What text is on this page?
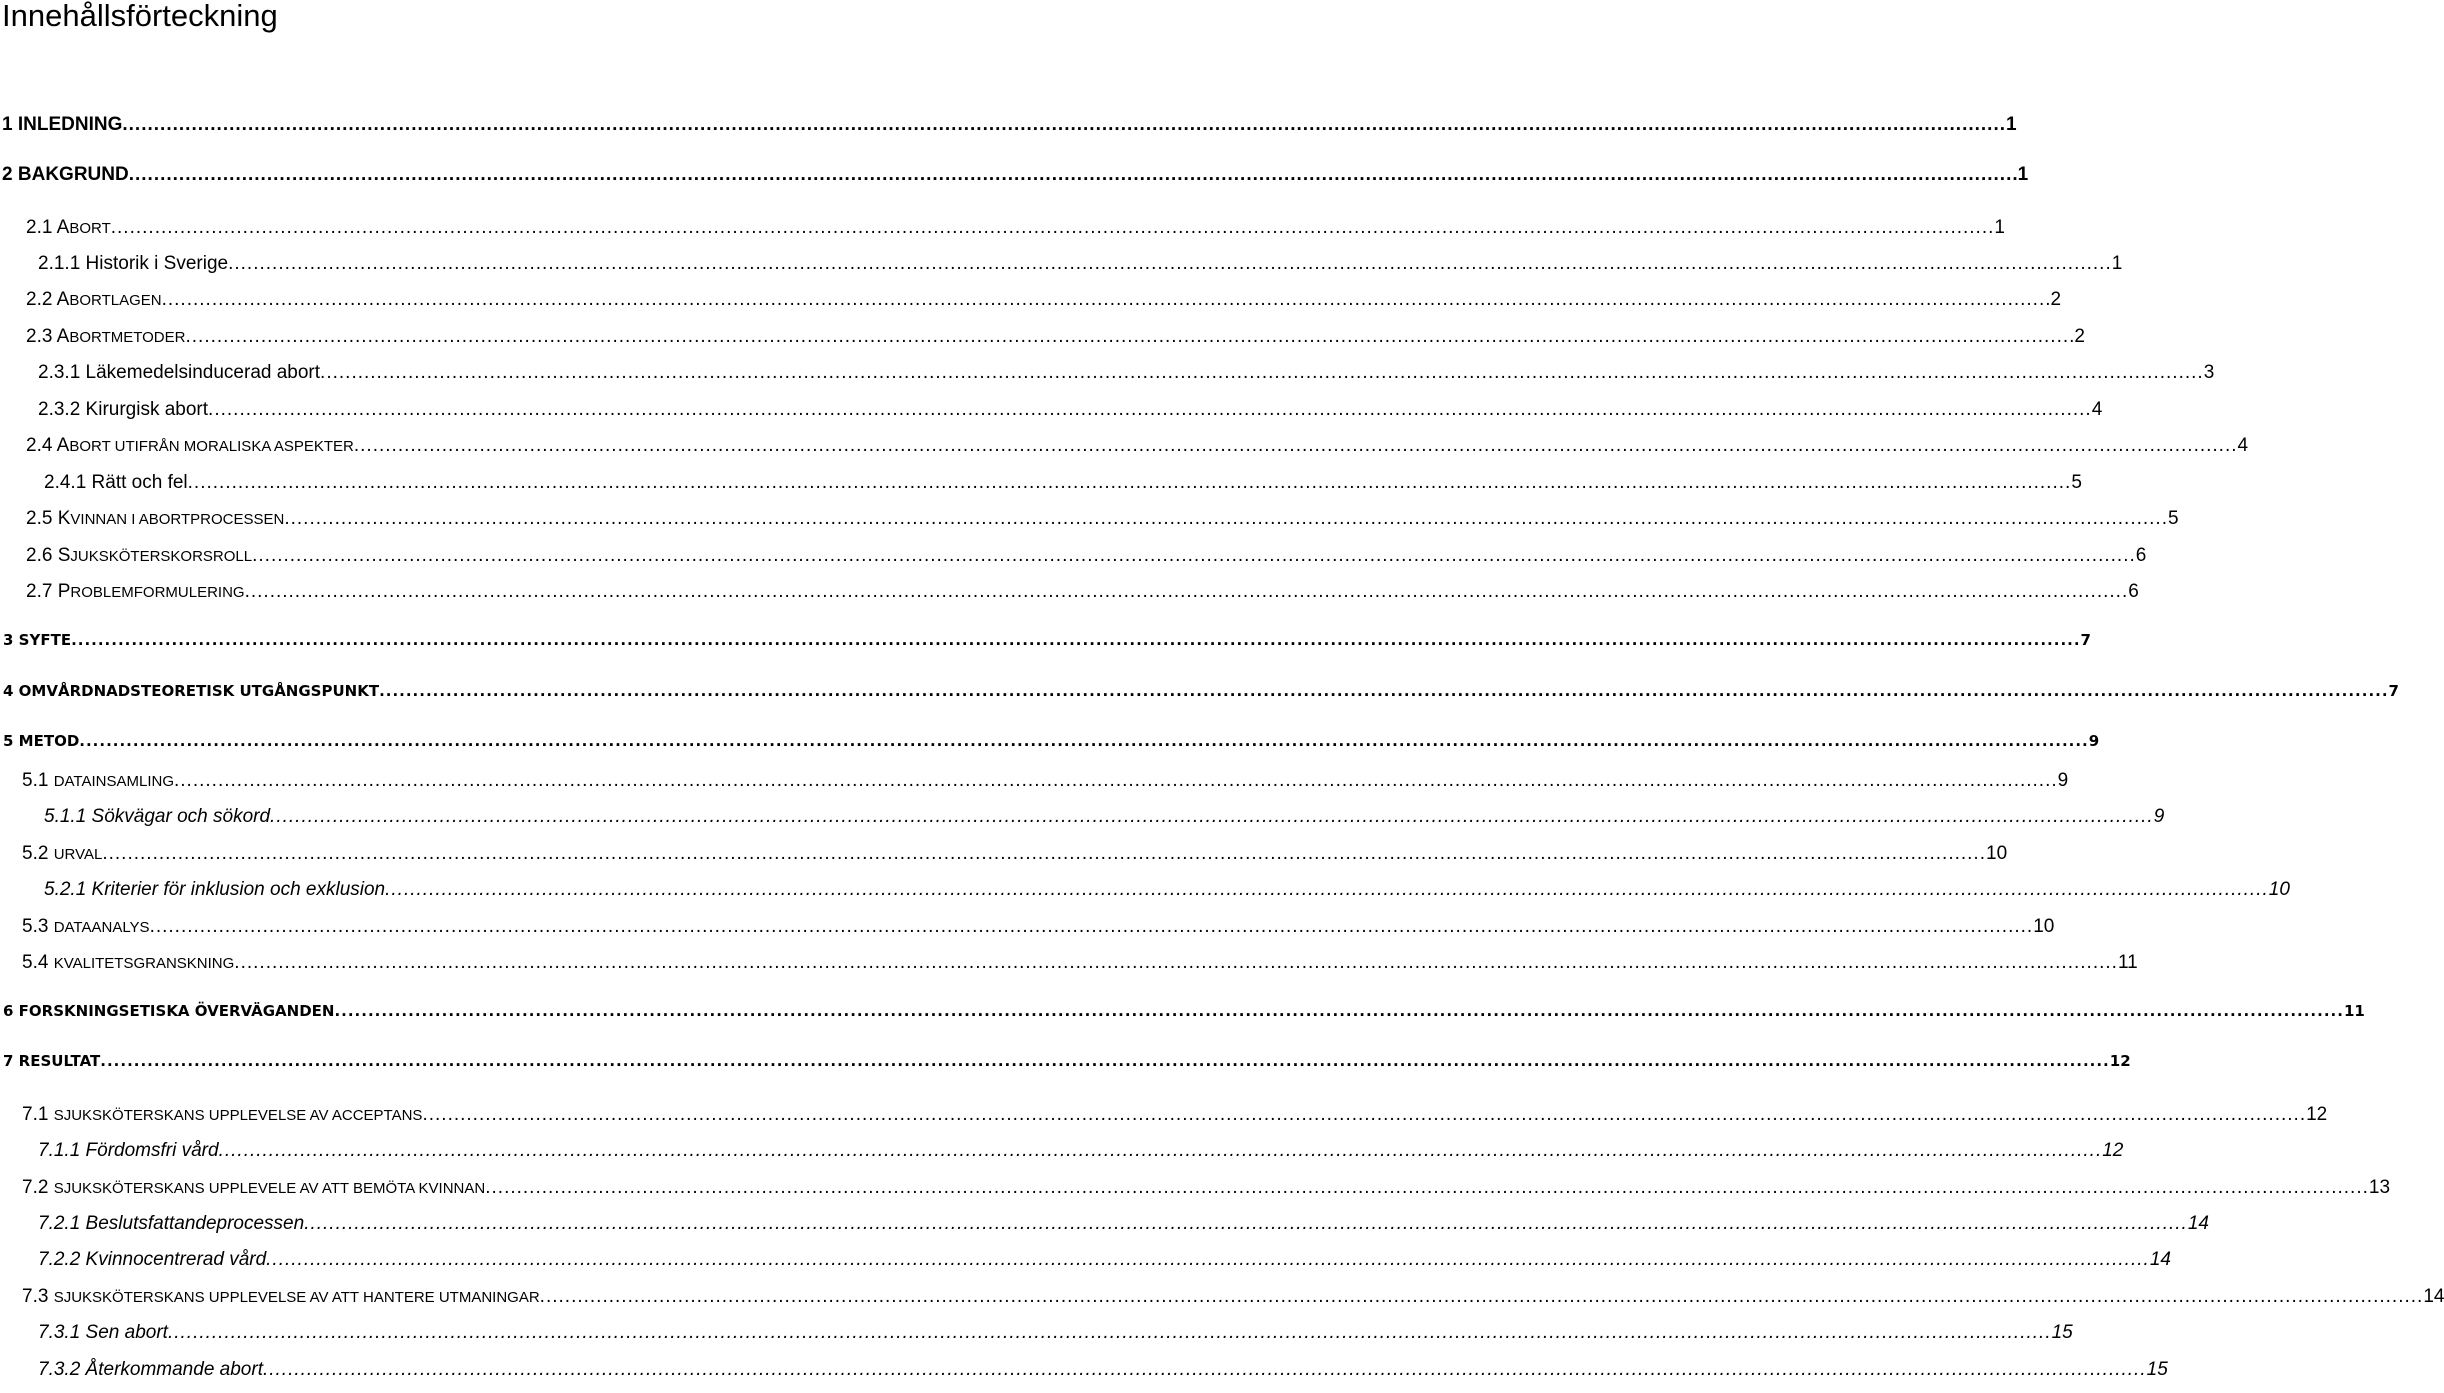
Innehållsförteckning
1 INLEDNING ............................................................................................................................................................................................................................................................................................................ 1
2 BAKGRUND ............................................................................................................................................................................................................................................................................................................ .1
2.1 ABORT ............................................................................................................................................................................................................................................................................................................ 1
2.1.1 Historik i Sverige ............................................................................................................................................................................................................................................................................................................ 1
2.2 ABORTLAGEN ............................................................................................................................................................................................................................................................................................................ .2
2.3 ABORTMETODER ............................................................................................................................................................................................................................................................................................................ .2
2.3.1 Läkemedelsinducerad abort ............................................................................................................................................................................................................................................................................................................ 3
2.3.2 Kirurgisk abort ............................................................................................................................................................................................................................................................................................................ 4
2.4 ABORT UTIFRÅN MORALISKA ASPEKTER ............................................................................................................................................................................................................................................................................................................ 4
2.4.1 Rätt och fel ............................................................................................................................................................................................................................................................................................................ 5
2.5 KVINNAN I ABORTPROCESSEN ............................................................................................................................................................................................................................................................................................................ 5
2.6 SJUKSKÖTERSKORSROLL ............................................................................................................................................................................................................................................................................................................ 6
2.7 PROBLEMFORMULERING ............................................................................................................................................................................................................................................................................................................ 6
3 SYFTE ............................................................................................................................................................................................................................................................................................................ 7
4 OMVÅRDNADSTEORETISK UTGÅNGSPUNKT ............................................................................................................................................................................................................................................................................................................ 7
5 METOD ............................................................................................................................................................................................................................................................................................................ 9
5.1 DATAINSAMLING ............................................................................................................................................................................................................................................................................................................ 9
5.1.1 Sökvägar och sökord ............................................................................................................................................................................................................................................................................................................ 9
5.2 URVAL ............................................................................................................................................................................................................................................................................................................ 10
5.2.1 Kriterier för inklusion och exklusion ............................................................................................................................................................................................................................................................................................................ 10
5.3 DATAANALYS ............................................................................................................................................................................................................................................................................................................ 10
5.4 KVALITETSGRANSKNING ............................................................................................................................................................................................................................................................................................................ 11
6 FORSKNINGSETISKA ÖVERVÄGANDEN ............................................................................................................................................................................................................................................................................................................ 11
7 RESULTAT ............................................................................................................................................................................................................................................................................................................ 12
7.1 SJUKSKÖTERSKANS UPPLEVELSE AV ACCEPTANS ............................................................................................................................................................................................................................................................................................................ 12
7.1.1 Fördomsfri vård ............................................................................................................................................................................................................................................................................................................ 12
7.2 SJUKSKÖTERSKANS UPPLEVELE AV ATT BEMÖTA KVINNAN ............................................................................................................................................................................................................................................................................................................ 13
7.2.1 Beslutsfattandeprocessen ............................................................................................................................................................................................................................................................................................................ 14
7.2.2 Kvinnocentrerad vård ............................................................................................................................................................................................................................................................................................................ 14
7.3 SJUKSKÖTERSKANS UPPLEVELSE AV ATT HANTERE UTMANINGAR ............................................................................................................................................................................................................................................................................................................ 14
7.3.1 Sen abort ............................................................................................................................................................................................................................................................................................................ 15
7.3.2 Återkommande abort ............................................................................................................................................................................................................................................................................................................ 15
